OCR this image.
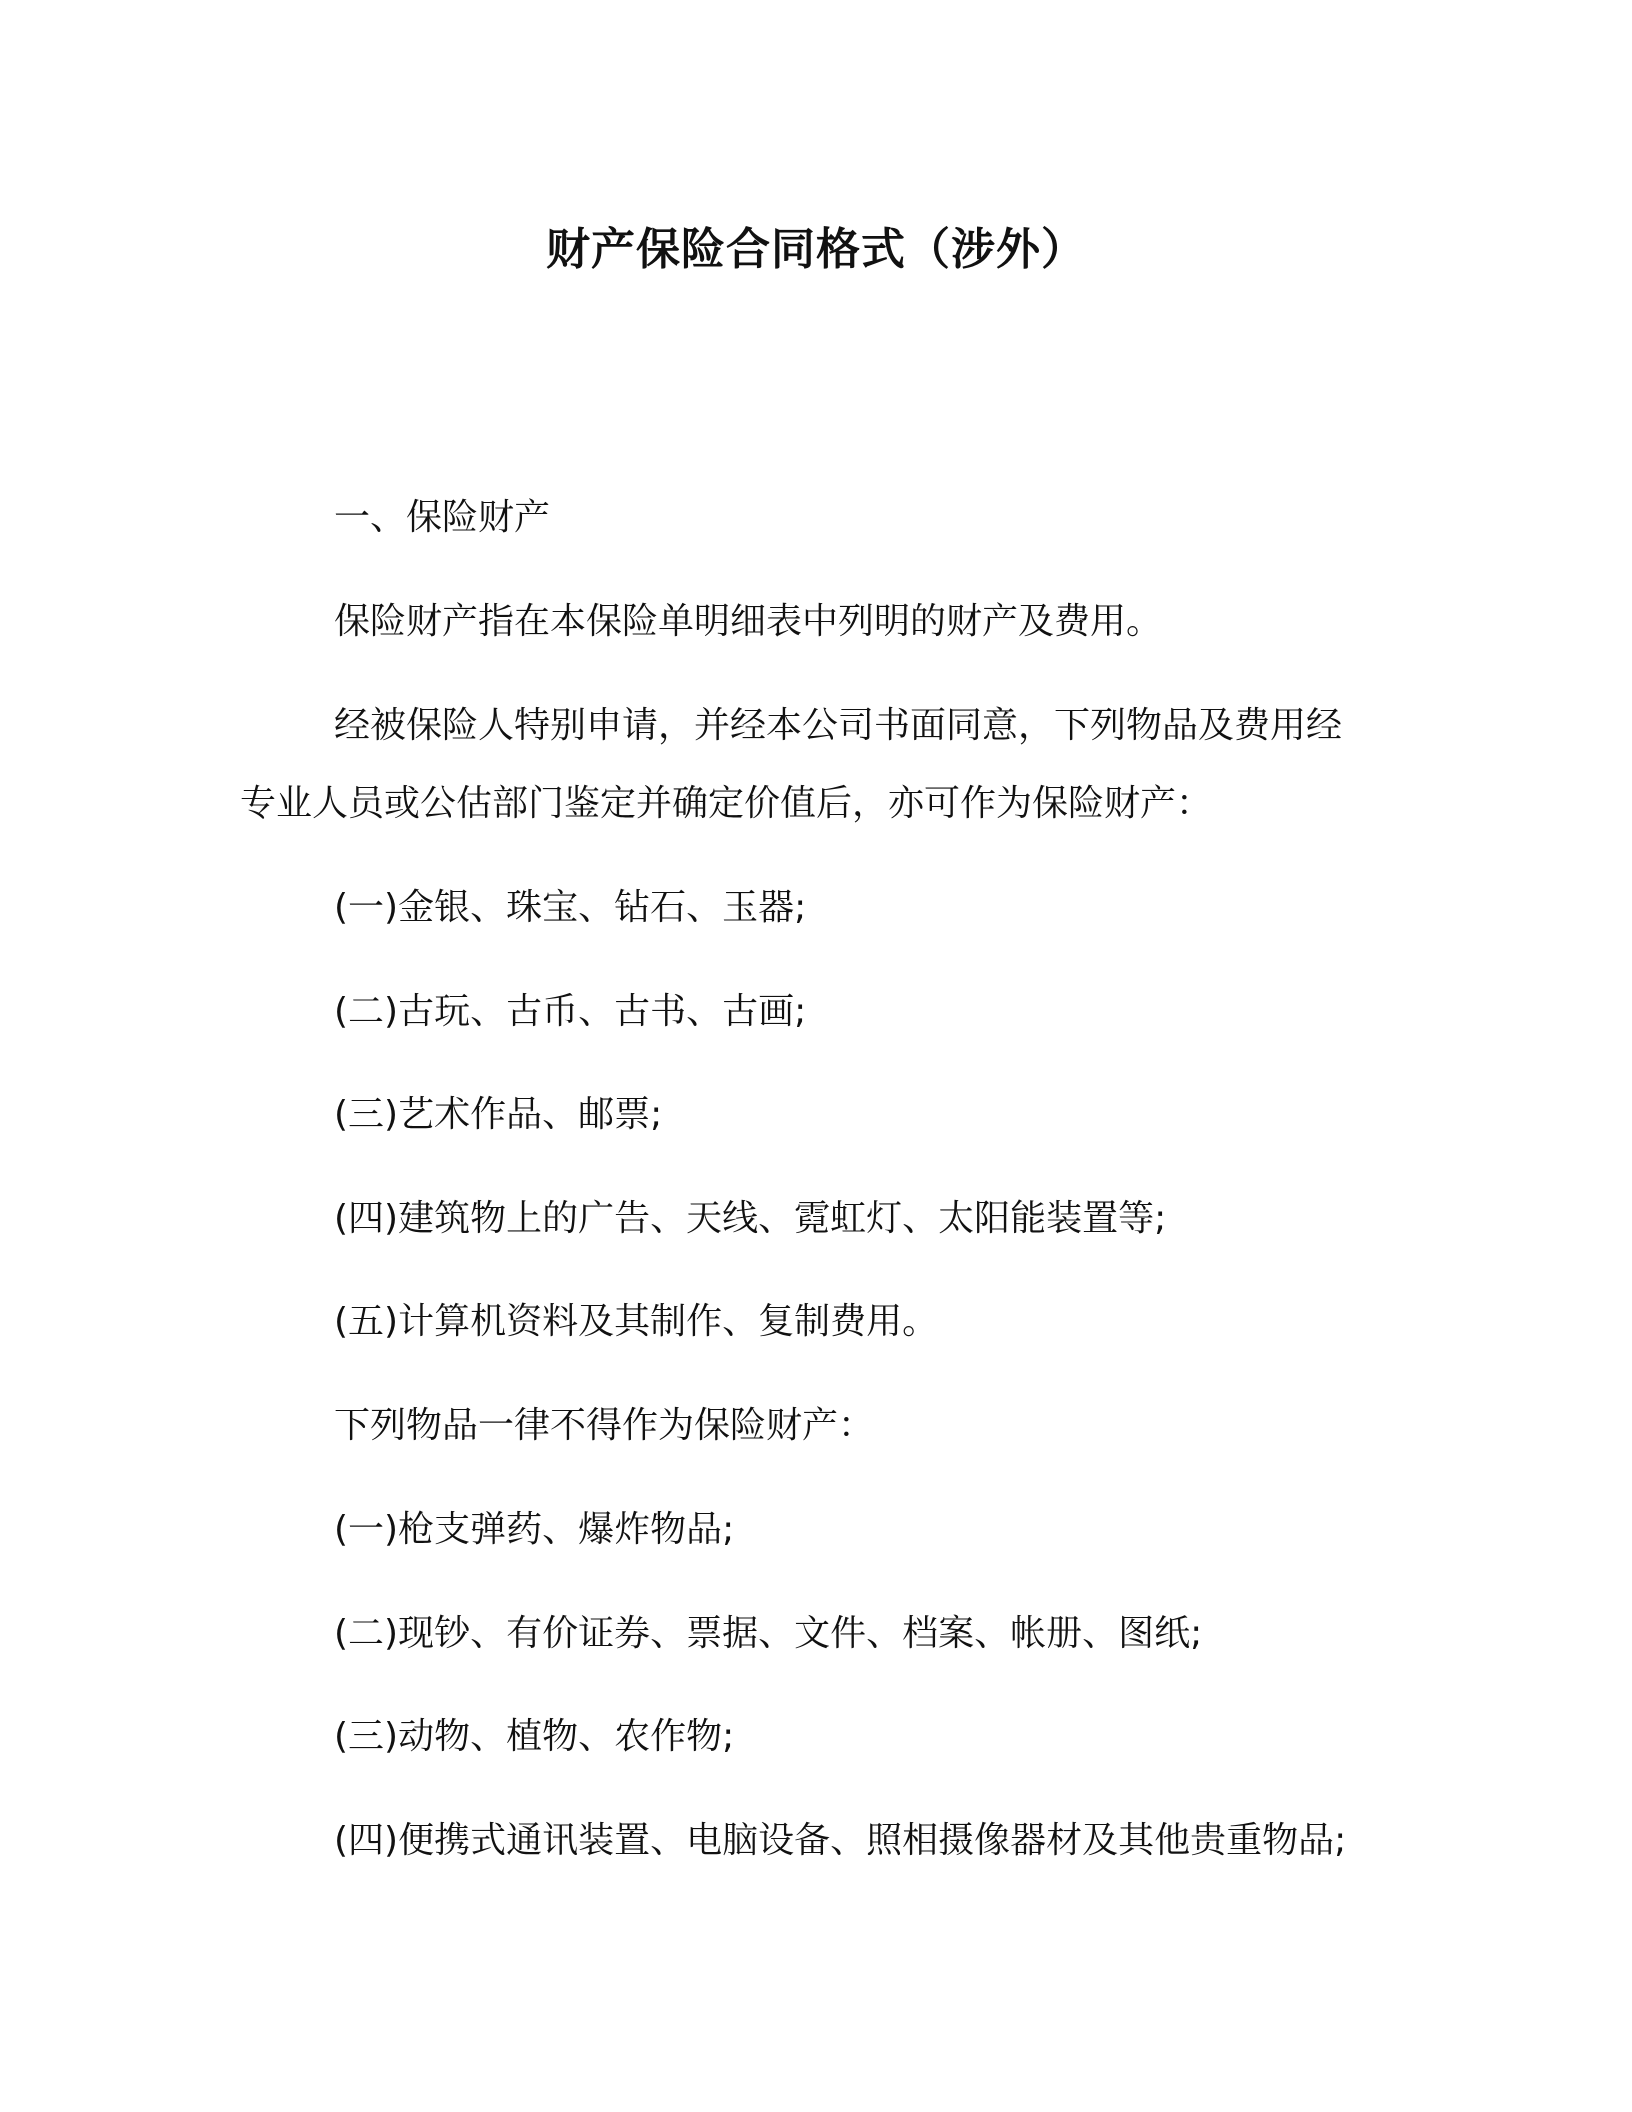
财产保险合同格式（涉外）

一、保险财产

保险财产指在本保险单明细表中列明的财产及费用。

经被保险人特别申请，并经本公司书面同意，下列物品及费用经

专业人员或公估部门鉴定并确定价值后，亦可作为保险财产：

(一)金银、珠宝、钻石、玉器;

(二)古玩、古币、古书、古画;

(三)艺术作品、邮票;

(四)建筑物上的广告、天线、霓虹灯、太阳能装置等;

(五)计算机资料及其制作、复制费用。

下列物品一律不得作为保险财产：

(一)枪支弹药、爆炸物品;

(二)现钞、有价证券、票据、文件、档案、帐册、图纸;

(三)动物、植物、农作物;

(四)便携式通讯装置、电脑设备、照相摄像器材及其他贵重物品;
